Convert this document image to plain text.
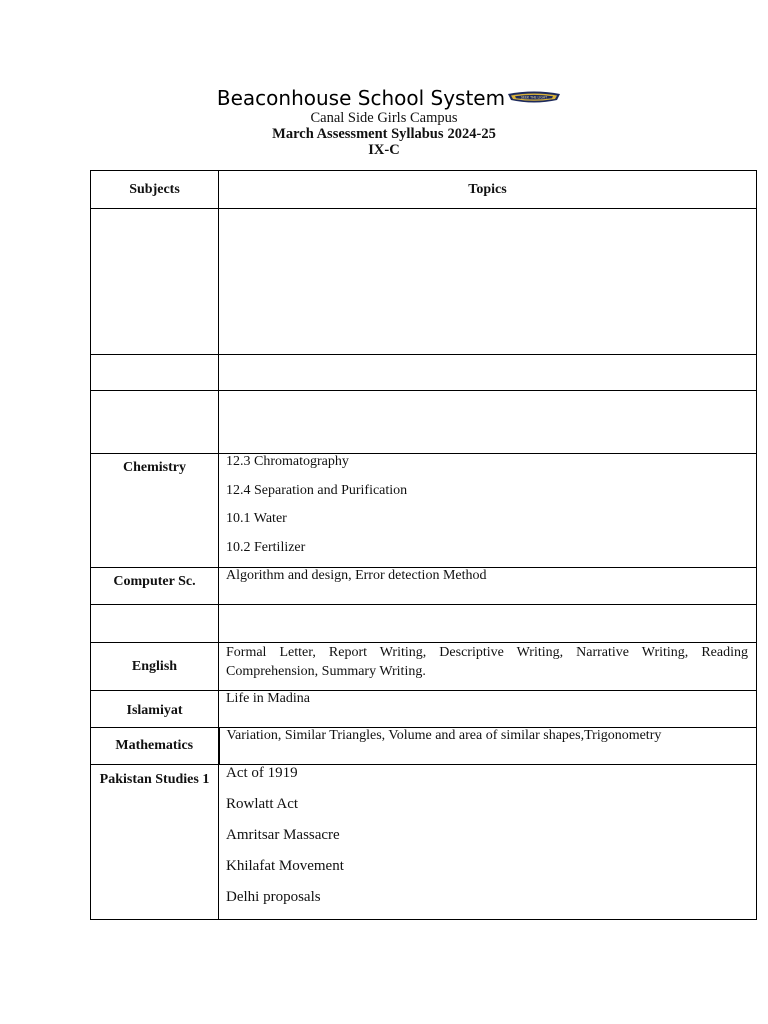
Beaconhouse School System	SEEK THE LIGHT
Canal Side Girls Campus
March Assessment Syllabus 2024-25
IX-C
Subjects	Topics

Chemistry	12.3 Chromatography

12.4 Separation and Purification

10.1 Water

10.2 Fertilizer

Computer Sc.	Algorithm and design, Error detection Method

English	Formal Letter, Report Writing, Descriptive Writing, Narrative Writing, Reading Comprehension, Summary Writing.
Islamiyat	Life in Madina
Mathematics	Variation, Similar Triangles, Volume and area of similar shapes,Trigonometry
Pakistan Studies 1	Act of 1919

Rowlatt Act

Amritsar Massacre

Khilafat Movement

Delhi proposals
